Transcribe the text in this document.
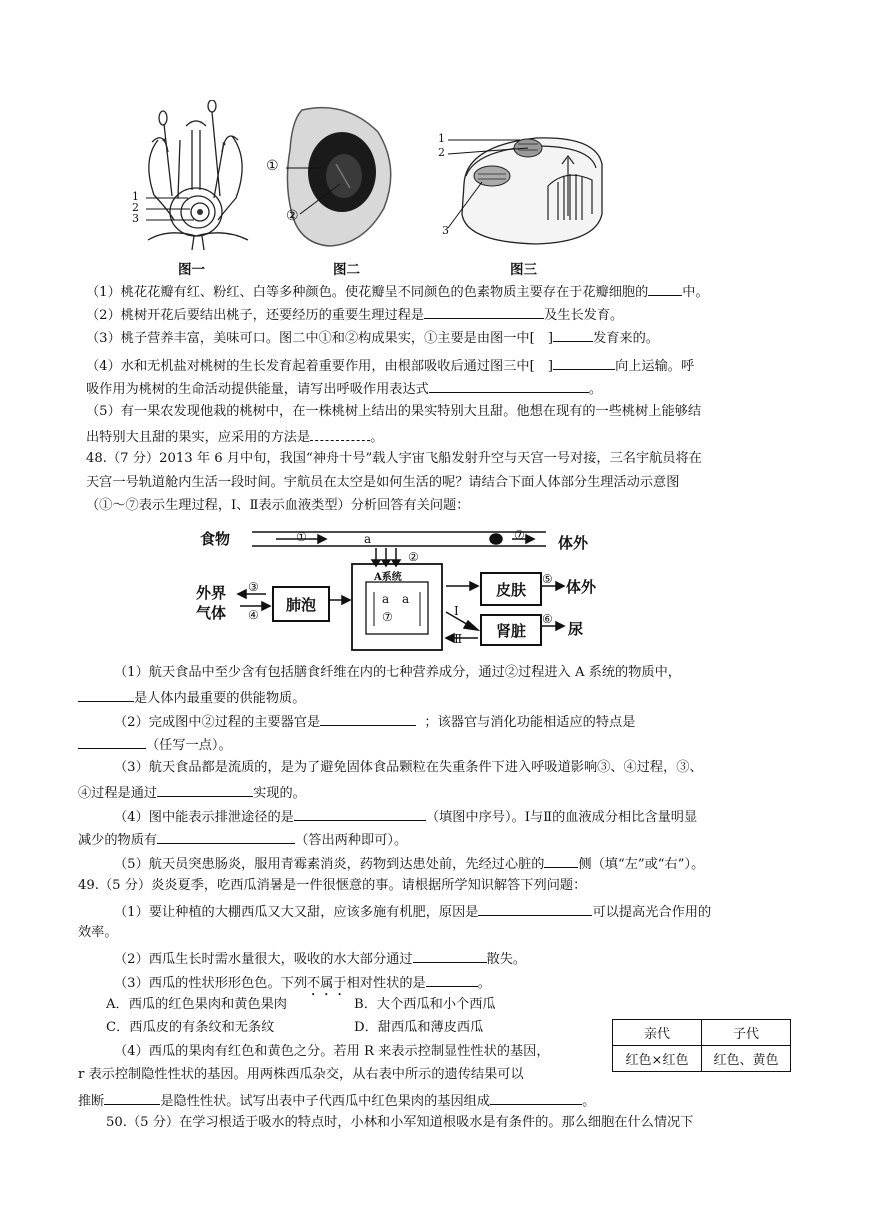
1
2
3
图一
①
②
图二
1
2
3
图三
（1）桃花花瓣有红、粉红、白等多种颜色。使花瓣呈不同颜色的色素物质主要存在于花瓣细胞的	中。
（2）桃树开花后要结出桃子，还要经历的重要生理过程是	及生长发育。
（3）桃子营养丰富，美味可口。图二中①和②构成果实，①主要是由图一中[　]	发育来的。
（4）水和无机盐对桃树的生长发育起着重要作用，由根部吸收后通过图三中[　]	向上运输。呼
吸作用为桃树的生命活动提供能量，请写出呼吸作用表达式	。
（5）有一果农发现他栽的桃树中，在一株桃树上结出的果实特别大且甜。他想在现有的一些桃树上能够结
出特别大且甜的果实，应采用的方法是	。
48.（7 分）2013 年 6 月中旬，我国“神舟十号”载人宇宙飞船发射升空与天宫一号对接，三名宇航员将在
天宫一号轨道舱内生活一段时间。宇航员在太空是如何生活的呢？请结合下面人体部分生理活动示意图
（①～⑦表示生理过程，Ⅰ、Ⅱ表示血液类型）分析回答有关问题：
食物	体外
①	a
②
⑦
外界
气体
③
④
肺泡
A系统	⑤
⑥
⑦
a a
皮肤
肾脏
体外
尿
Ⅰ
Ⅱ
（1）航天食品中至少含有包括膳食纤维在内的七种营养成分，通过②过程进入 A 系统的物质中，
是人体内最重要的供能物质。
（2）完成图中②过程的主要器官是	；该器官与消化功能相适应的特点是
（任写一点）。
（3）航天食品都是流质的，是为了避免固体食品颗粒在失重条件下进入呼吸道影响③、④过程，③、
④过程是通过	实现的。
（4）图中能表示排泄途径的是	（填图中序号）。Ⅰ与Ⅱ的血液成分相比含量明显
减少的物质有	（答出两种即可）。
（5）航天员突患肠炎，服用青霉素消炎，药物到达患处前，先经过心脏的	侧（填“左”或“右”）。
49.（5 分）炎炎夏季，吃西瓜消暑是一件很惬意的事。请根据所学知识解答下列问题：
（1）要让种植的大棚西瓜又大又甜，应该多施有机肥，原因是	可以提高光合作用的
效率。
（2）西瓜生长时需水量很大，吸收的水大部分通过	散失。
（3）西瓜的性状形形色色。下列不属于相对性状的是	。
A．西瓜的红色果肉和黄色果肉	B．大个西瓜和小个西瓜
C．西瓜皮的有条纹和无条纹	D．甜西瓜和薄皮西瓜
（4）西瓜的果肉有红色和黄色之分。若用 R 来表示控制显性性状的基因，
r 表示控制隐性性状的基因。用两株西瓜杂交，从右表中所示的遗传结果可以
推断	是隐性性状。试写出表中子代西瓜中红色果肉的基因组成	。
亲代	子代
红色×红色	红色、黄色
50.（5 分）在学习根适于吸水的特点时，小林和小军知道根吸水是有条件的。那么细胞在什么情况下
